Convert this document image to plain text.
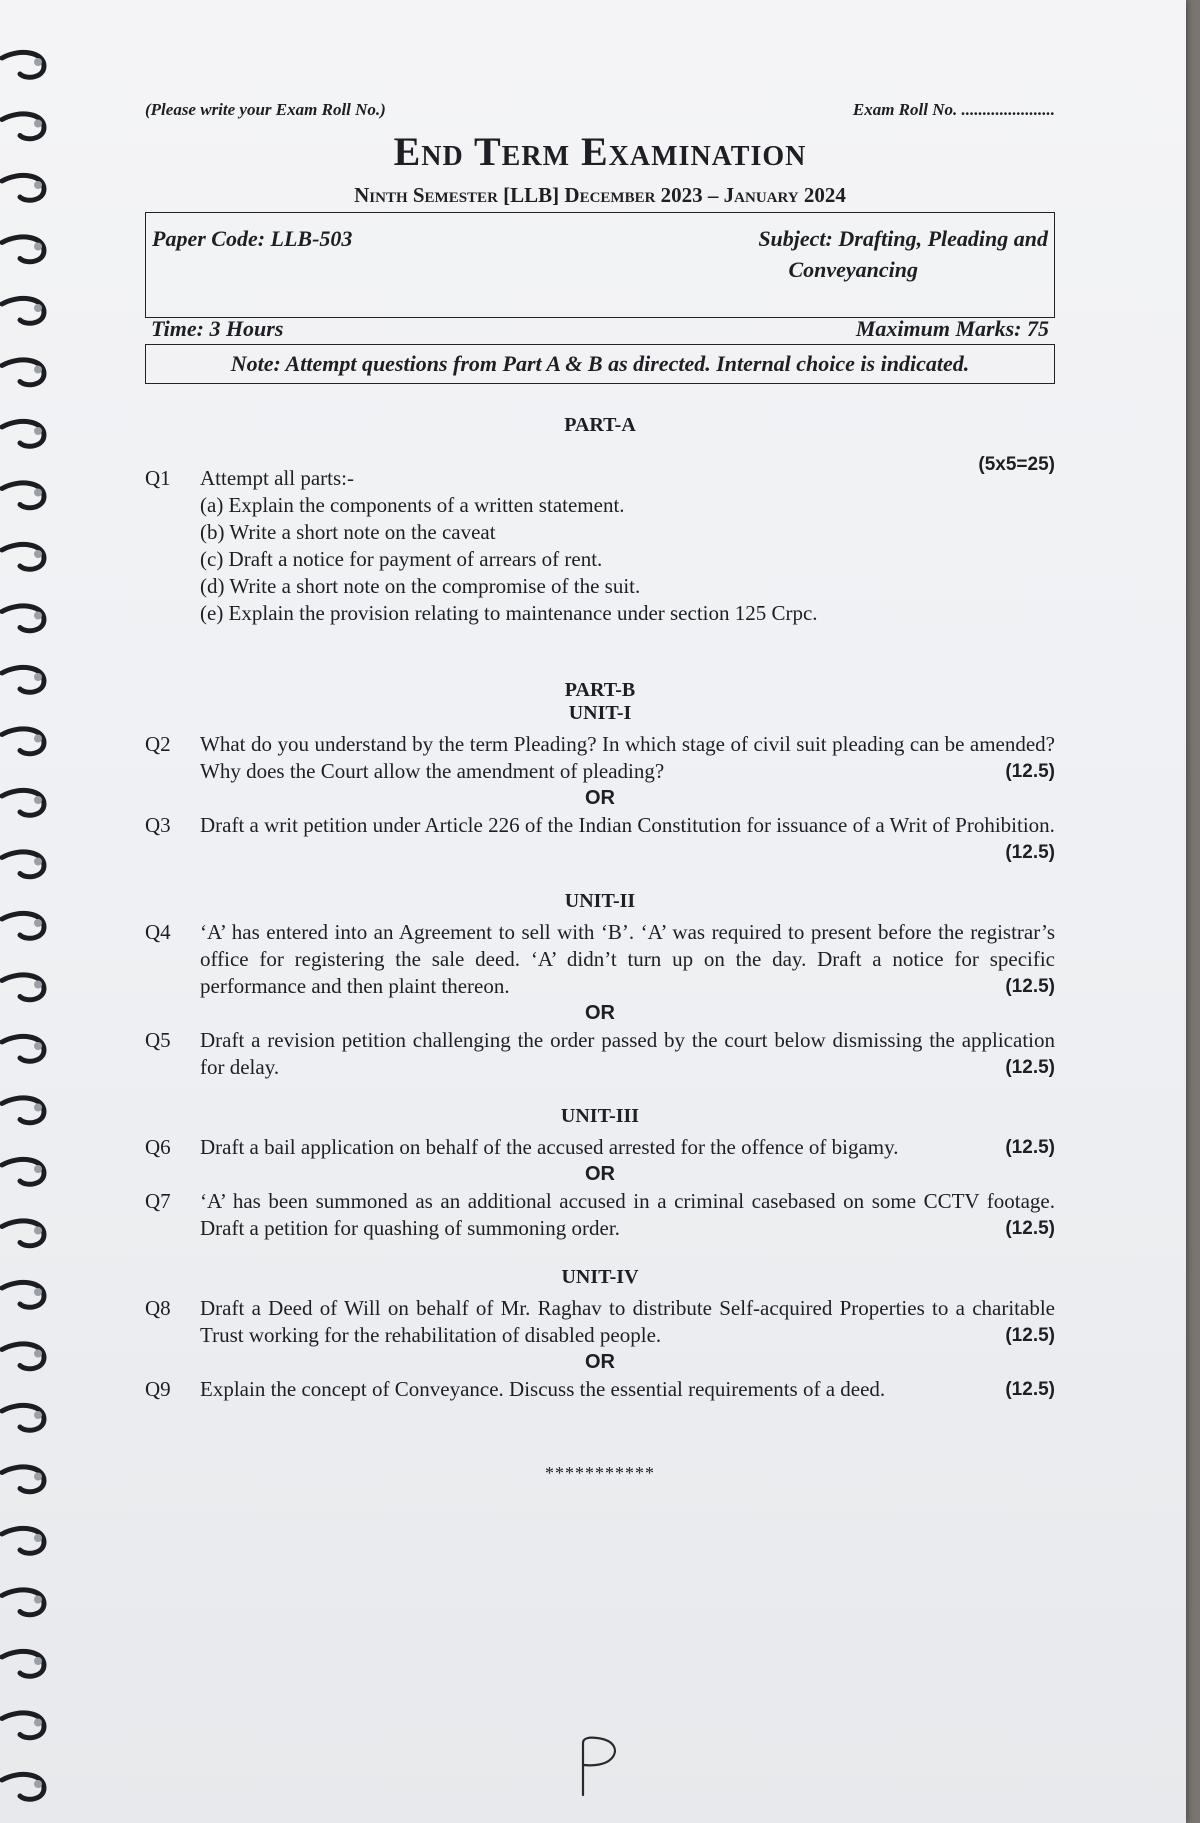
(Please write your Exam Roll No.)	Exam Roll No. ......................
End Term Examination
Ninth Semester [LLB] December 2023 – January 2024
Paper Code: LLB-503	Subject: Drafting, Pleading and
Conveyancing
Time: 3 Hours	Maximum Marks: 75
Note: Attempt questions from Part A & B as directed. Internal choice is indicated.
PART-A
Q1	Attempt all parts:-
(5x5=25)
(a) Explain the components of a written statement.
(b) Write a short note on the caveat
(c) Draft a notice for payment of arrears of rent.
(d) Write a short note on the compromise of the suit.
(e) Explain the provision relating to maintenance under section 125 Crpc.
PART-B
UNIT-I
Q2	What do you understand by the term Pleading? In which stage of civil suit pleading can be amended? Why does the Court allow the amendment of pleading?	(12.5)
OR
Q3	Draft a writ petition under Article 226 of the Indian Constitution for issuance of a Writ of Prohibition.
(12.5)
UNIT-II
Q4	‘A’ has entered into an Agreement to sell with ‘B’. ‘A’ was required to present before the registrar’s office for registering the sale deed. ‘A’ didn’t turn up on the day. Draft a notice for specific performance and then plaint thereon.	(12.5)
OR
Q5	Draft a revision petition challenging the order passed by the court below dismissing the application for delay.	(12.5)
UNIT-III
Q6	Draft a bail application on behalf of the accused arrested for the offence of bigamy.	(12.5)
OR
Q7	‘A’ has been summoned as an additional accused in a criminal casebased on some CCTV footage. Draft a petition for quashing of summoning order.	(12.5)
UNIT-IV
Q8	Draft a Deed of Will on behalf of Mr. Raghav to distribute Self-acquired Properties to a charitable Trust working for the rehabilitation of disabled people.	(12.5)
OR
Q9	Explain the concept of Conveyance. Discuss the essential requirements of a deed.	(12.5)
***********
